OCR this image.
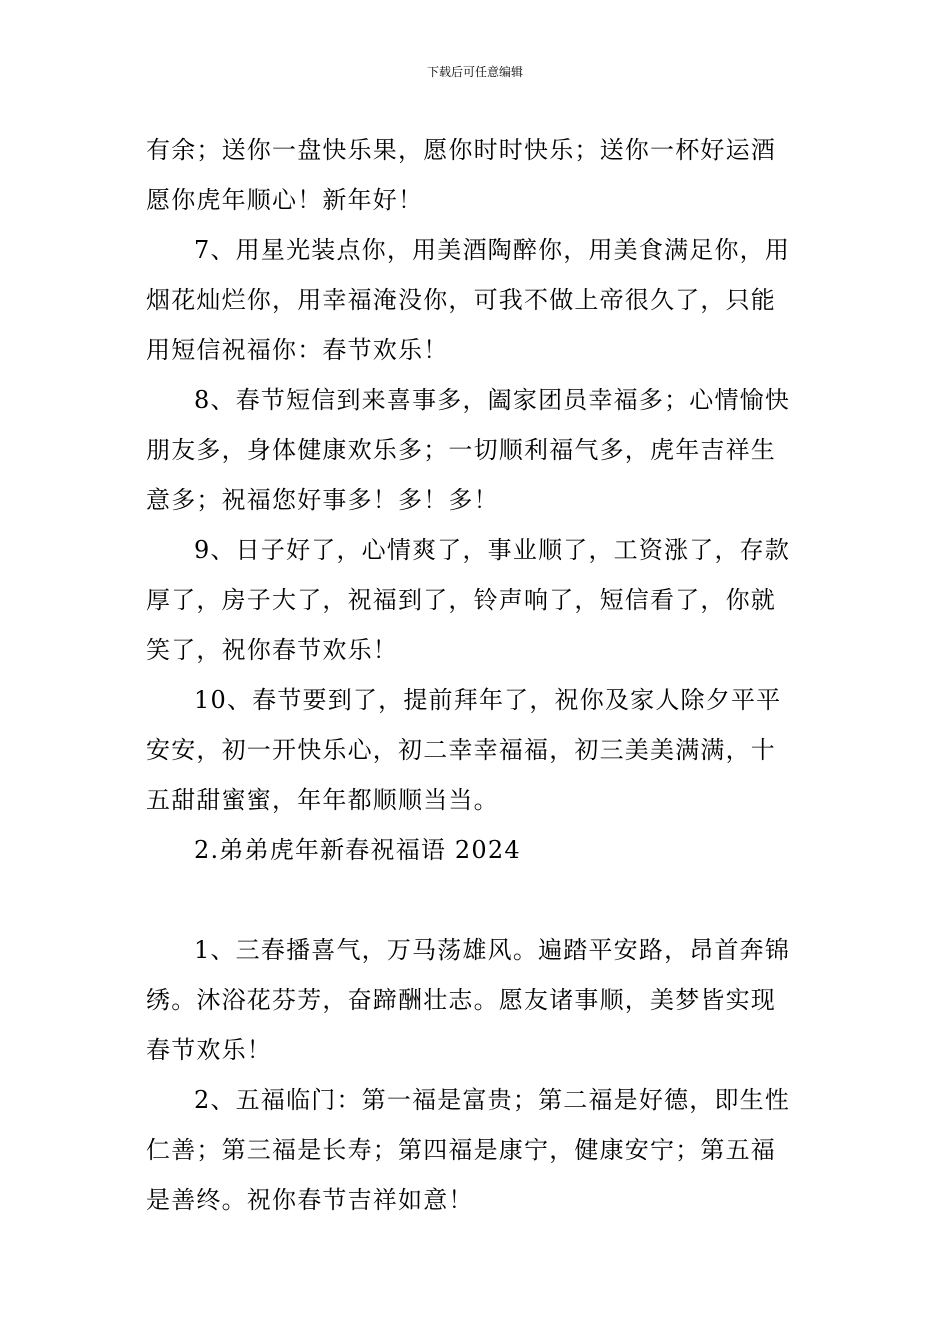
下载后可任意编辑
有余；送你一盘快乐果，愿你时时快乐；送你一杯好运酒
愿你虎年顺心！新年好！
7、用星光装点你，用美酒陶醉你，用美食满足你，用
烟花灿烂你，用幸福淹没你，可我不做上帝很久了，只能
用短信祝福你：春节欢乐！
8、春节短信到来喜事多，阖家团员幸福多；心情愉快
朋友多，身体健康欢乐多；一切顺利福气多，虎年吉祥生
意多；祝福您好事多！多！多！
9、日子好了，心情爽了，事业顺了，工资涨了，存款
厚了，房子大了，祝福到了，铃声响了，短信看了，你就
笑了，祝你春节欢乐！
10、春节要到了，提前拜年了，祝你及家人除夕平平
安安，初一开快乐心，初二幸幸福福，初三美美满满，十
五甜甜蜜蜜，年年都顺顺当当。
2.弟弟虎年新春祝福语 2024
1、三春播喜气，万马荡雄风。遍踏平安路，昂首奔锦
绣。沐浴花芬芳，奋蹄酬壮志。愿友诸事顺，美梦皆实现
春节欢乐！
2、五福临门：第一福是富贵；第二福是好德，即生性
仁善；第三福是长寿；第四福是康宁，健康安宁；第五福
是善终。祝你春节吉祥如意！
